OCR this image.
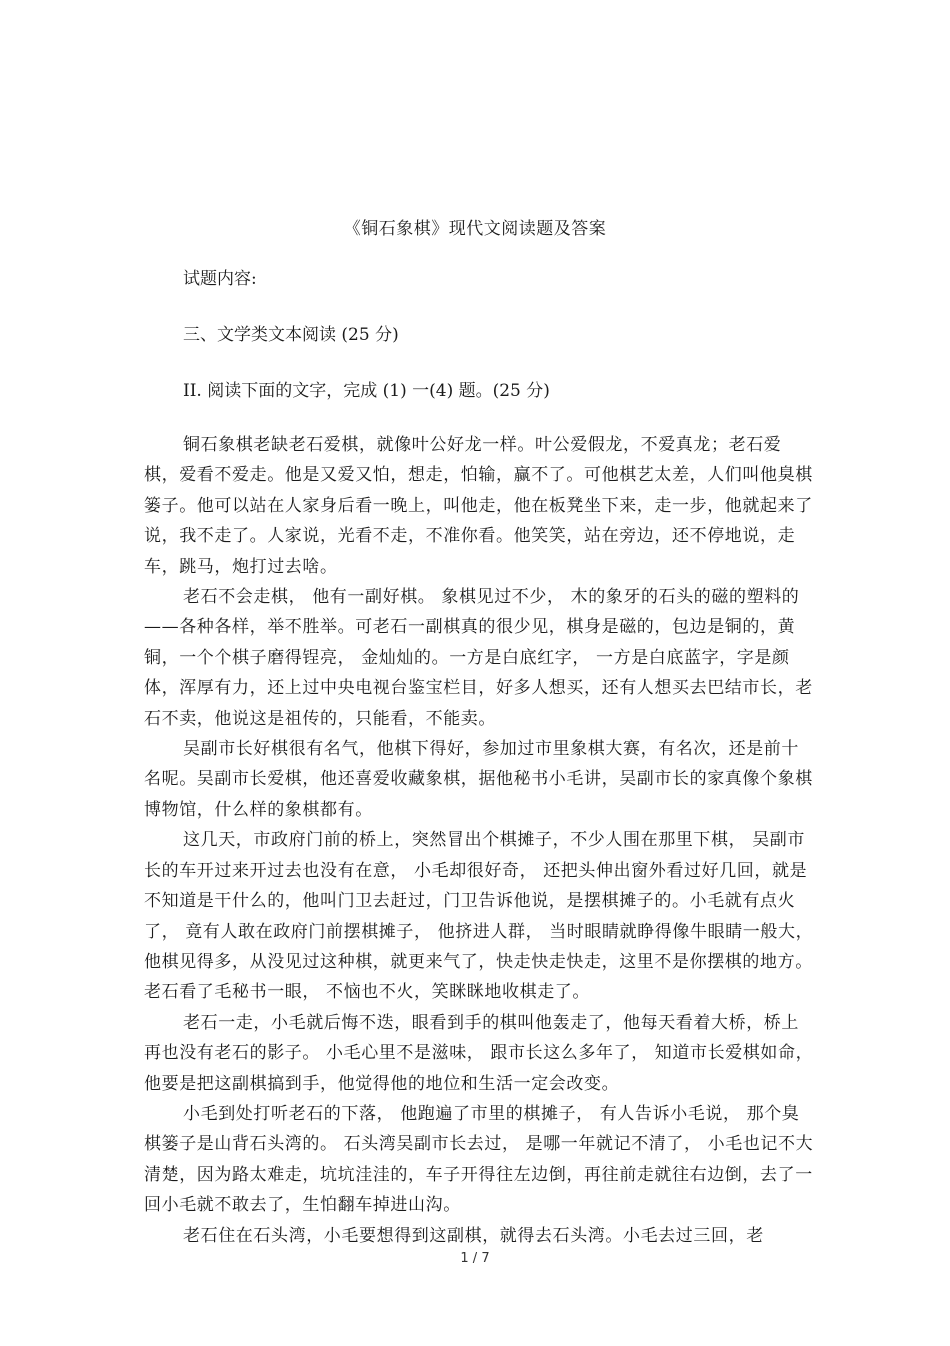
《铜石象棋》现代文阅读题及答案
试题内容:
三、文学类文本阅读 (25 分)
II. 阅读下面的文字，完成 (1) 一(4) 题。(25 分)

铜石象棋老缺老石爱棋，就像叶公好龙一样。叶公爱假龙，不爱真龙；老石爱棋，爱看不爱走。他是又爱又怕，想走，怕输，赢不了。可他棋艺太差，人们叫他臭棋篓子。他可以站在人家身后看一晚上，叫他走，他在板凳坐下来，走一步，他就起来了说，我不走了。人家说，光看不走，不准你看。他笑笑，站在旁边，还不停地说，走车，跳马，炮打过去啥。

老石不会走棋， 他有一副好棋。 象棋见过不少， 木的象牙的石头的磁的塑料的——各种各样，举不胜举。可老石一副棋真的很少见，棋身是磁的，包边是铜的，黄铜，一个个棋子磨得锃亮， 金灿灿的。一方是白底红字， 一方是白底蓝字，字是颜体，浑厚有力，还上过中央电视台鉴宝栏目，好多人想买，还有人想买去巴结市长，老石不卖，他说这是祖传的，只能看，不能卖。

吴副市长好棋很有名气，他棋下得好，参加过市里象棋大赛，有名次，还是前十名呢。吴副市长爱棋，他还喜爱收藏象棋，据他秘书小毛讲，吴副市长的家真像个象棋博物馆，什么样的象棋都有。

这几天，市政府门前的桥上，突然冒出个棋摊子，不少人围在那里下棋， 吴副市长的车开过来开过去也没有在意， 小毛却很好奇， 还把头伸出窗外看过好几回，就是不知道是干什么的，他叫门卫去赶过，门卫告诉他说，是摆棋摊子的。小毛就有点火了， 竟有人敢在政府门前摆棋摊子， 他挤进人群， 当时眼睛就睁得像牛眼睛一般大，他棋见得多，从没见过这种棋，就更来气了，快走快走快走，这里不是你摆棋的地方。 老石看了毛秘书一眼， 不恼也不火，笑眯眯地收棋走了。

老石一走，小毛就后悔不迭，眼看到手的棋叫他轰走了，他每天看着大桥，桥上再也没有老石的影子。 小毛心里不是滋味， 跟市长这么多年了， 知道市长爱棋如命，他要是把这副棋搞到手，他觉得他的地位和生活一定会改变。

小毛到处打听老石的下落， 他跑遍了市里的棋摊子， 有人告诉小毛说， 那个臭棋篓子是山背石头湾的。 石头湾吴副市长去过， 是哪一年就记不清了， 小毛也记不大清楚，因为路太难走，坑坑洼洼的，车子开得往左边倒，再往前走就往右边倒，去了一回小毛就不敢去了，生怕翻车掉进山沟。

老石住在石头湾，小毛要想得到这副棋，就得去石头湾。小毛去过三回，老

1 / 7
